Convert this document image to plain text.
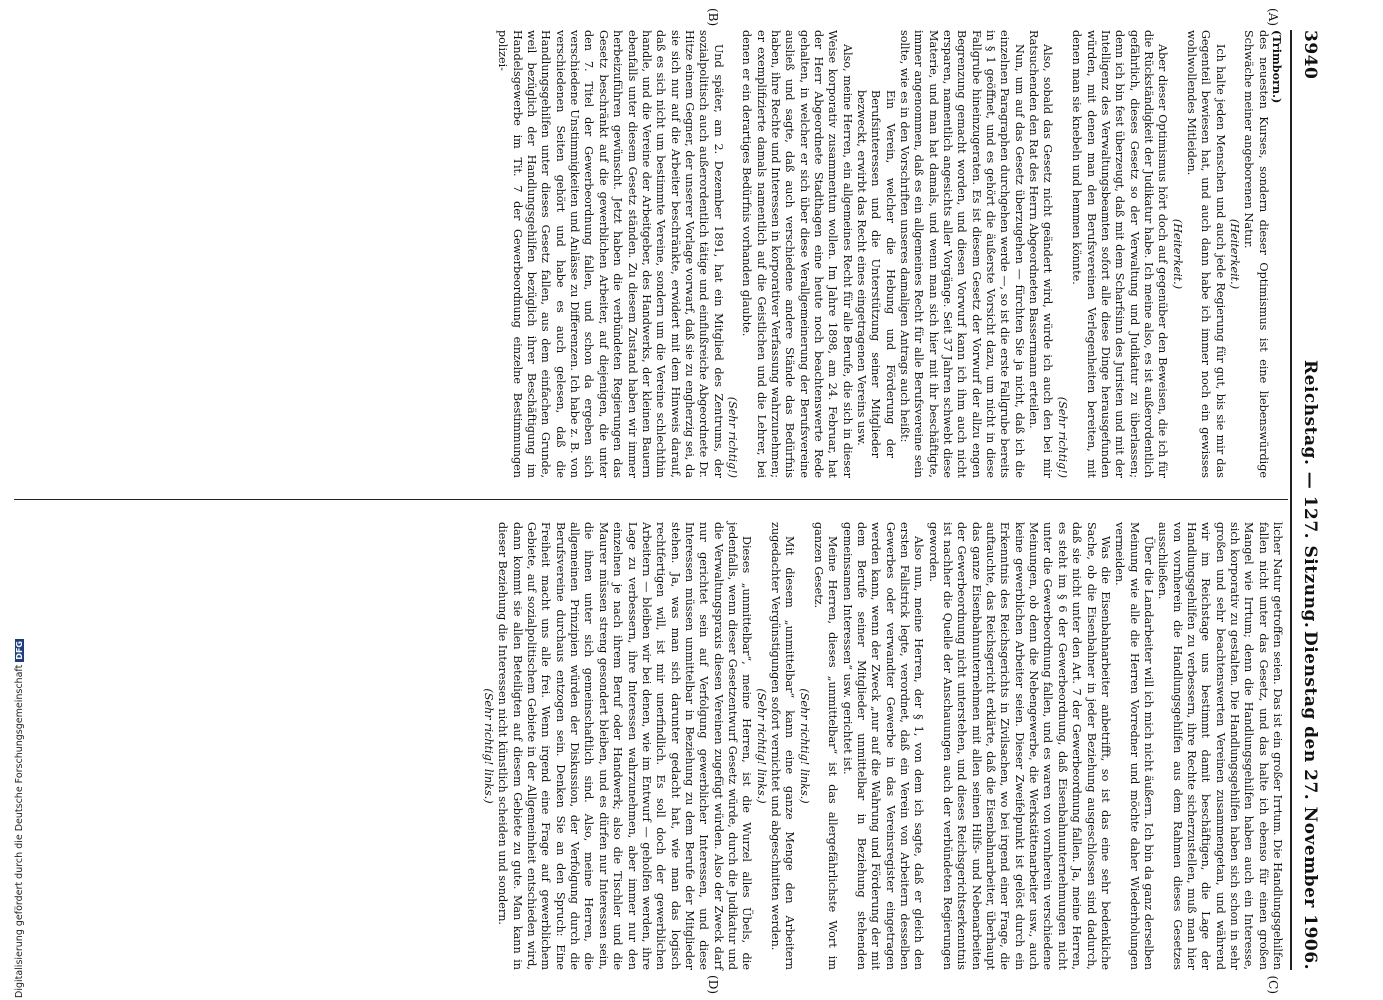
3940
Reichstag. — 127. Sitzung.
Dienstag den 27. November 1906.
(A)
(B)
(C)
(D)

(Trimborn.)

des neuesten Kurses, sondern dieser Optimismus ist eine liebenswürdige Schwäche meiner angeborenen Natur.

(Heiterkeit.)

Ich halte jeden Menschen und auch jede Regierung für gut, bis sie mir das Gegenteil bewiesen hat, und auch dann habe ich immer noch ein gewisses wohlwollendes Mitleiden.

(Heiterkeit.)

Aber dieser Optimismus hört doch auf gegenüber den Beweisen, die ich für die Rückständigkeit der Judikatur habe. Ich meine also, es ist außerordentlich gefährlich, dieses Gesetz so der Verwaltung und Judikatur zu überlassen; denn ich bin fest überzeugt, daß mit dem Scharfsinn des Juristen und mit der Intelligenz des Verwaltungsbeamten sofort alle diese Dinge herausgefunden würden, mit denen man den Berufsvereinen Verlegenheiten bereiten, mit denen man sie knebeln und hemmen könnte.

(Sehr richtig!)

Also, sobald das Gesetz nicht geändert wird, würde ich auch den bei mir Ratsuchenden den Rat des Herrn Abgeordneten Bassermann erteilen.

Nun, um auf das Gesetz überzugehen — fürchten Sie ja nicht, daß ich die einzelnen Paragraphen durchgehen werde —, so ist die erste Fallgrube bereits in § 1 geöffnet, und es gehört die äußerste Vorsicht dazu, um nicht in diese Fallgrube hineinzugeraten. Es ist diesem Gesetz der Vorwurf der allzu engen Begrenzung gemacht worden, und diesen Vorwurf kann ich ihm auch nicht ersparen, namentlich angesichts aller Vorgänge. Seit 37 Jahren schwebt diese Materie, und man hat damals, und wenn man sich hier mit ihr beschäftigte, immer angenommen, daß es ein allgemeines Recht für alle Berufsvereine sein sollte, wie es in den Vorschriften unseres damaligen Antrags auch heißt:

Ein Verein, welcher die Hebung und Förderung der Berufsinteressen und die Unterstützung seiner Mitglieder bezweckt, erwirbt das Recht eines eingetragenen Vereins usw.

Also, meine Herren, ein allgemeines Recht für alle Berufe, die sich in dieser Weise korporativ zusammentun wollen. Im Jahre 1898, am 24. Februar, hat der Herr Abgeordnete Stadthagen eine heute noch beachtenswerte Rede gehalten, in welcher er sich über diese Verallgemeinerung der Berufsvereine ausließ und sagte, daß auch verschiedene andere Stände das Bedürfnis haben, ihre Rechte und Interessen in korporativer Verfassung wahrzunehmen; er exemplifizierte damals namentlich auf die Geistlichen und die Lehrer, bei denen er ein derartiges Bedürfnis vorhanden glaubte.

(Sehr richtig!)

Und später, am 2. Dezember 1891, hat ein Mitglied des Zentrums, der sozialpolitisch auch außerordentlich tätige und einflußreiche Abgeordnete Dr. Hitze einem Gegner, der unserer Vorlage vorwarf, daß sie zu engherzig sei, da sie sich nur auf die Arbeiter beschränkte, erwidert mit dem Hinweis darauf, daß es sich nicht um bestimmte Vereine, sondern um die Vereine schlechthin handle, und die Vereine der Arbeitgeber, des Handwerks, der kleinen Bauern ebenfalls unter diesem Gesetz ständen. Zu diesem Zustand haben wir immer herbeizuführen gewünscht. Jetzt haben die verbündeten Regierungen das Gesetz beschränkt auf die gewerblichen Arbeiter, auf diejenigen, die unter den 7. Titel der Gewerbeordnung fallen, und schon da ergeben sich verschiedene Unstimmigkeiten und Anlässe zu Differenzen. Ich habe z. B. von verschiedenen Seiten gehört und habe es auch gelesen, daß die Handlungsgehilfen unter dieses Gesetz fallen, aus dem einfachen Grunde, weil bezüglich der Handlungsgehilfen bezüglich ihrer Beschäftigung im Handelsgewerbe im Tit. 7 der Gewerbeordnung einzelne Bestimmungen polizei-

licher Natur getroffen seien. Das ist ein großer Irrtum. Die Handlungsgehilfen fallen nicht unter das Gesetz, und das halte ich ebenso für einen großen Mangel wie Irrtum; denn die Handlungsgehilfen haben auch ein Interesse, sich korporativ zu gestalten. Die Handlungsgehilfen haben sich schon in sehr großen und sehr beachtenswerten Vereinen zusammengetan, und während wir im Reichstage uns bestimmt damit beschäftigen, die Lage der Handlungsgehilfen zu verbessern, ihre Rechte sicherzustellen, muß man hier von vornherein die Handlungsgehilfen aus dem Rahmen dieses Gesetzes ausschließen.

Über die Landarbeiter will ich mich nicht äußern. Ich bin da ganz derselben Meinung wie alle die Herren Vorredner und möchte daher Wiederholungen vermeiden.

Was die Eisenbahnarbeiter anbetrifft, so ist das eine sehr bedenkliche Sache, ob die Eisenbahner in jeder Beziehung ausgeschlossen sind dadurch, daß sie nicht unter den Art. 7 der Gewerbeordnung fallen. Ja, meine Herren, es steht im § 6 der Gewerbeordnung, daß Eisenbahnunternehmungen nicht unter die Gewerbeordnung fallen, und es waren von vornherein verschiedene Meinungen, ob denn die Nebengewerbe, die Werkstättenarbeiter usw., auch keine gewerblichen Arbeiter seien. Dieser Zweifelpunkt ist gelöst durch ein Erkenntnis des Reichsgerichts in Zivilsachen, wo bei irgend einer Frage, die auftauchte, das Reichsgericht erklärte, daß die Eisenbahnarbeiter, überhaupt das ganze Eisenbahnunternehmen mit allen seinen Hilfs- und Nebenarbeiten der Gewerbeordnung nicht unterstehen, und dieses Reichsgerichtserkenntnis ist nachher die Quelle der Anschauungen auch der verbündeten Regierungen geworden.

Also nun, meine Herren, der § 1, von dem ich sagte, daß er gleich den ersten Fallstrick legte, verordnet, daß ein Verein von Arbeitern desselben Gewerbes oder verwandter Gewerbe in das Vereinsregister eingetragen werden kann, wenn der Zweck „nur auf die Wahrung und Förderung der mit dem Berufe seiner Mitglieder unmittelbar in Beziehung stehenden gemeinsamen Interessen“ usw. gerichtet ist.

Meine Herren, dieses „unmittelbar“ ist das allergefährlichste Wort im ganzen Gesetz.

(Sehr richtig! links.)

Mit diesem „unmittelbar“ kann eine ganze Menge den Arbeitern zugedachter Vergünstigungen sofort vernichtet und abgeschnitten werden.

(Sehr richtig! links.)

Dieses „unmittelbar“, meine Herren, ist die Wurzel alles Übels, die jedenfalls, wenn dieser Gesetzentwurf Gesetz würde, durch die Judikatur und die Verwaltungspraxis diesen Vereinen zugefügt würden. Also der Zweck darf nur gerichtet sein auf Verfolgung gewerblicher Interessen, und diese Interessen müssen unmittelbar in Beziehung zu dem Berufe der Mitglieder stehen. Ja, was man sich darunter gedacht hat, wie man das logisch rechtfertigen will, ist mir unerfindlich. Es soll doch der gewerblichen Arbeitern — bleiben wir bei denen, wie im Entwurf — geholfen werden, ihre Lage zu verbessern, ihre Interessen wahrzunehmen, aber immer nur den einzelnen je nach ihrem Beruf oder Handwerk; also die Tischler und die Maurer müssen streng gesondert bleiben, und es dürfen nur Interessen sein, die ihnen unter sich gemeinschaftlich sind. Also, meine Herren, die allgemeinen Prinzipien würden der Diskussion, der Verfolgung durch die Berufsvereine durchaus entzogen sein. Denken Sie an den Spruch: Eine Freiheit macht uns alle frei. Wenn irgend eine Frage auf gewerblichem Gebiete, auf sozialpolitischem Gebiete in der Allgemeinheit entschieden wird, dann kommt sie allen Beteiligten auf diesem Gebiete zu gute. Man kann in dieser Beziehung die Interessen nicht künstlich scheiden und sondern.

(Sehr richtig! links.)

Digitalisierung gefördert durch die Deutsche ForschungsgemeinschaftDFG
